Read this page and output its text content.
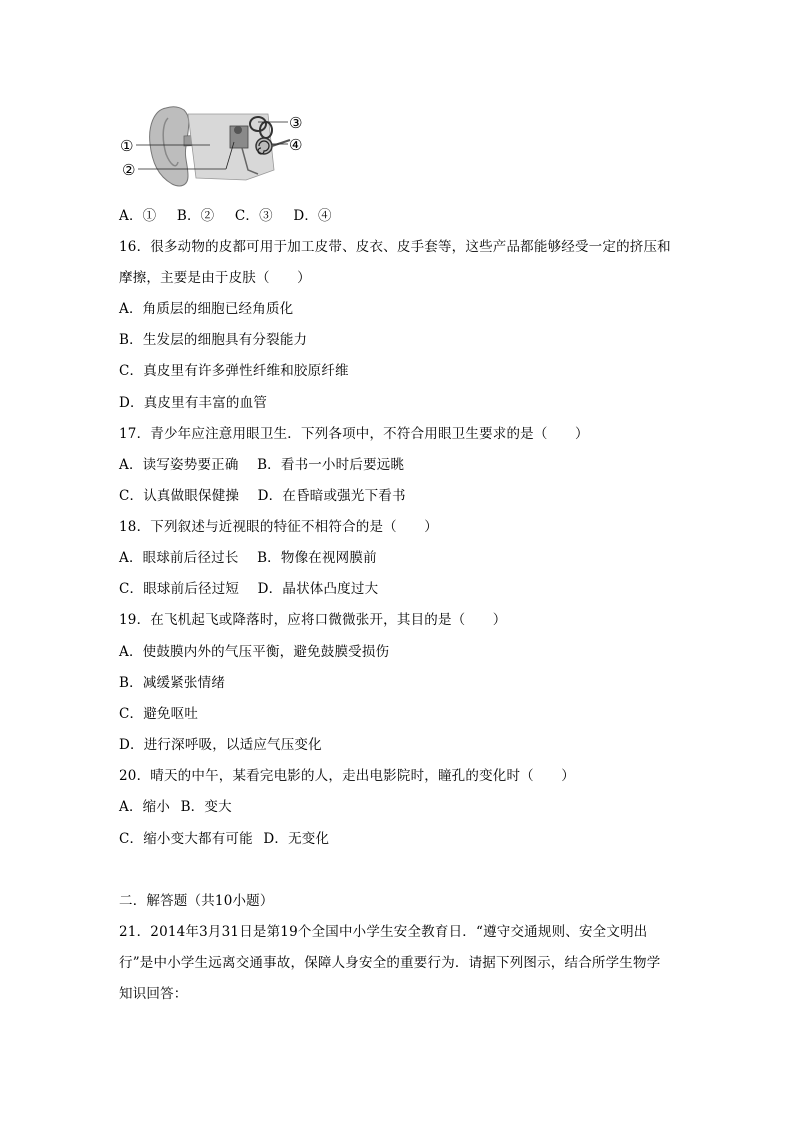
①
②
③
④
A．① B．② C．③ D．④
16．很多动物的皮都可用于加工皮带、皮衣、皮手套等，这些产品都能够经受一定的挤压和
摩擦，主要是由于皮肤（　　）
A．角质层的细胞已经角质化
B．生发层的细胞具有分裂能力
C．真皮里有许多弹性纤维和胶原纤维
D．真皮里有丰富的血管
17．青少年应注意用眼卫生．下列各项中，不符合用眼卫生要求的是（　　）
A．读写姿势要正确 B．看书一小时后要远眺
C．认真做眼保健操 D．在昏暗或强光下看书
18．下列叙述与近视眼的特征不相符合的是（　　）
A．眼球前后径过长 B．物像在视网膜前
C．眼球前后径过短 D．晶状体凸度过大
19．在飞机起飞或降落时，应将口微微张开，其目的是（　　）
A．使鼓膜内外的气压平衡，避免鼓膜受损伤
B．减缓紧张情绪
C．避免呕吐
D．进行深呼吸，以适应气压变化
20．晴天的中午，某看完电影的人，走出电影院时，瞳孔的变化时（　　）
A．缩小 B．变大
C．缩小变大都有可能 D．无变化
二．解答题（共10小题）
21．2014年3月31日是第19个全国中小学生安全教育日．“遵守交通规则、安全文明出
行”是中小学生远离交通事故，保障人身安全的重要行为．请据下列图示，结合所学生物学
知识回答：
